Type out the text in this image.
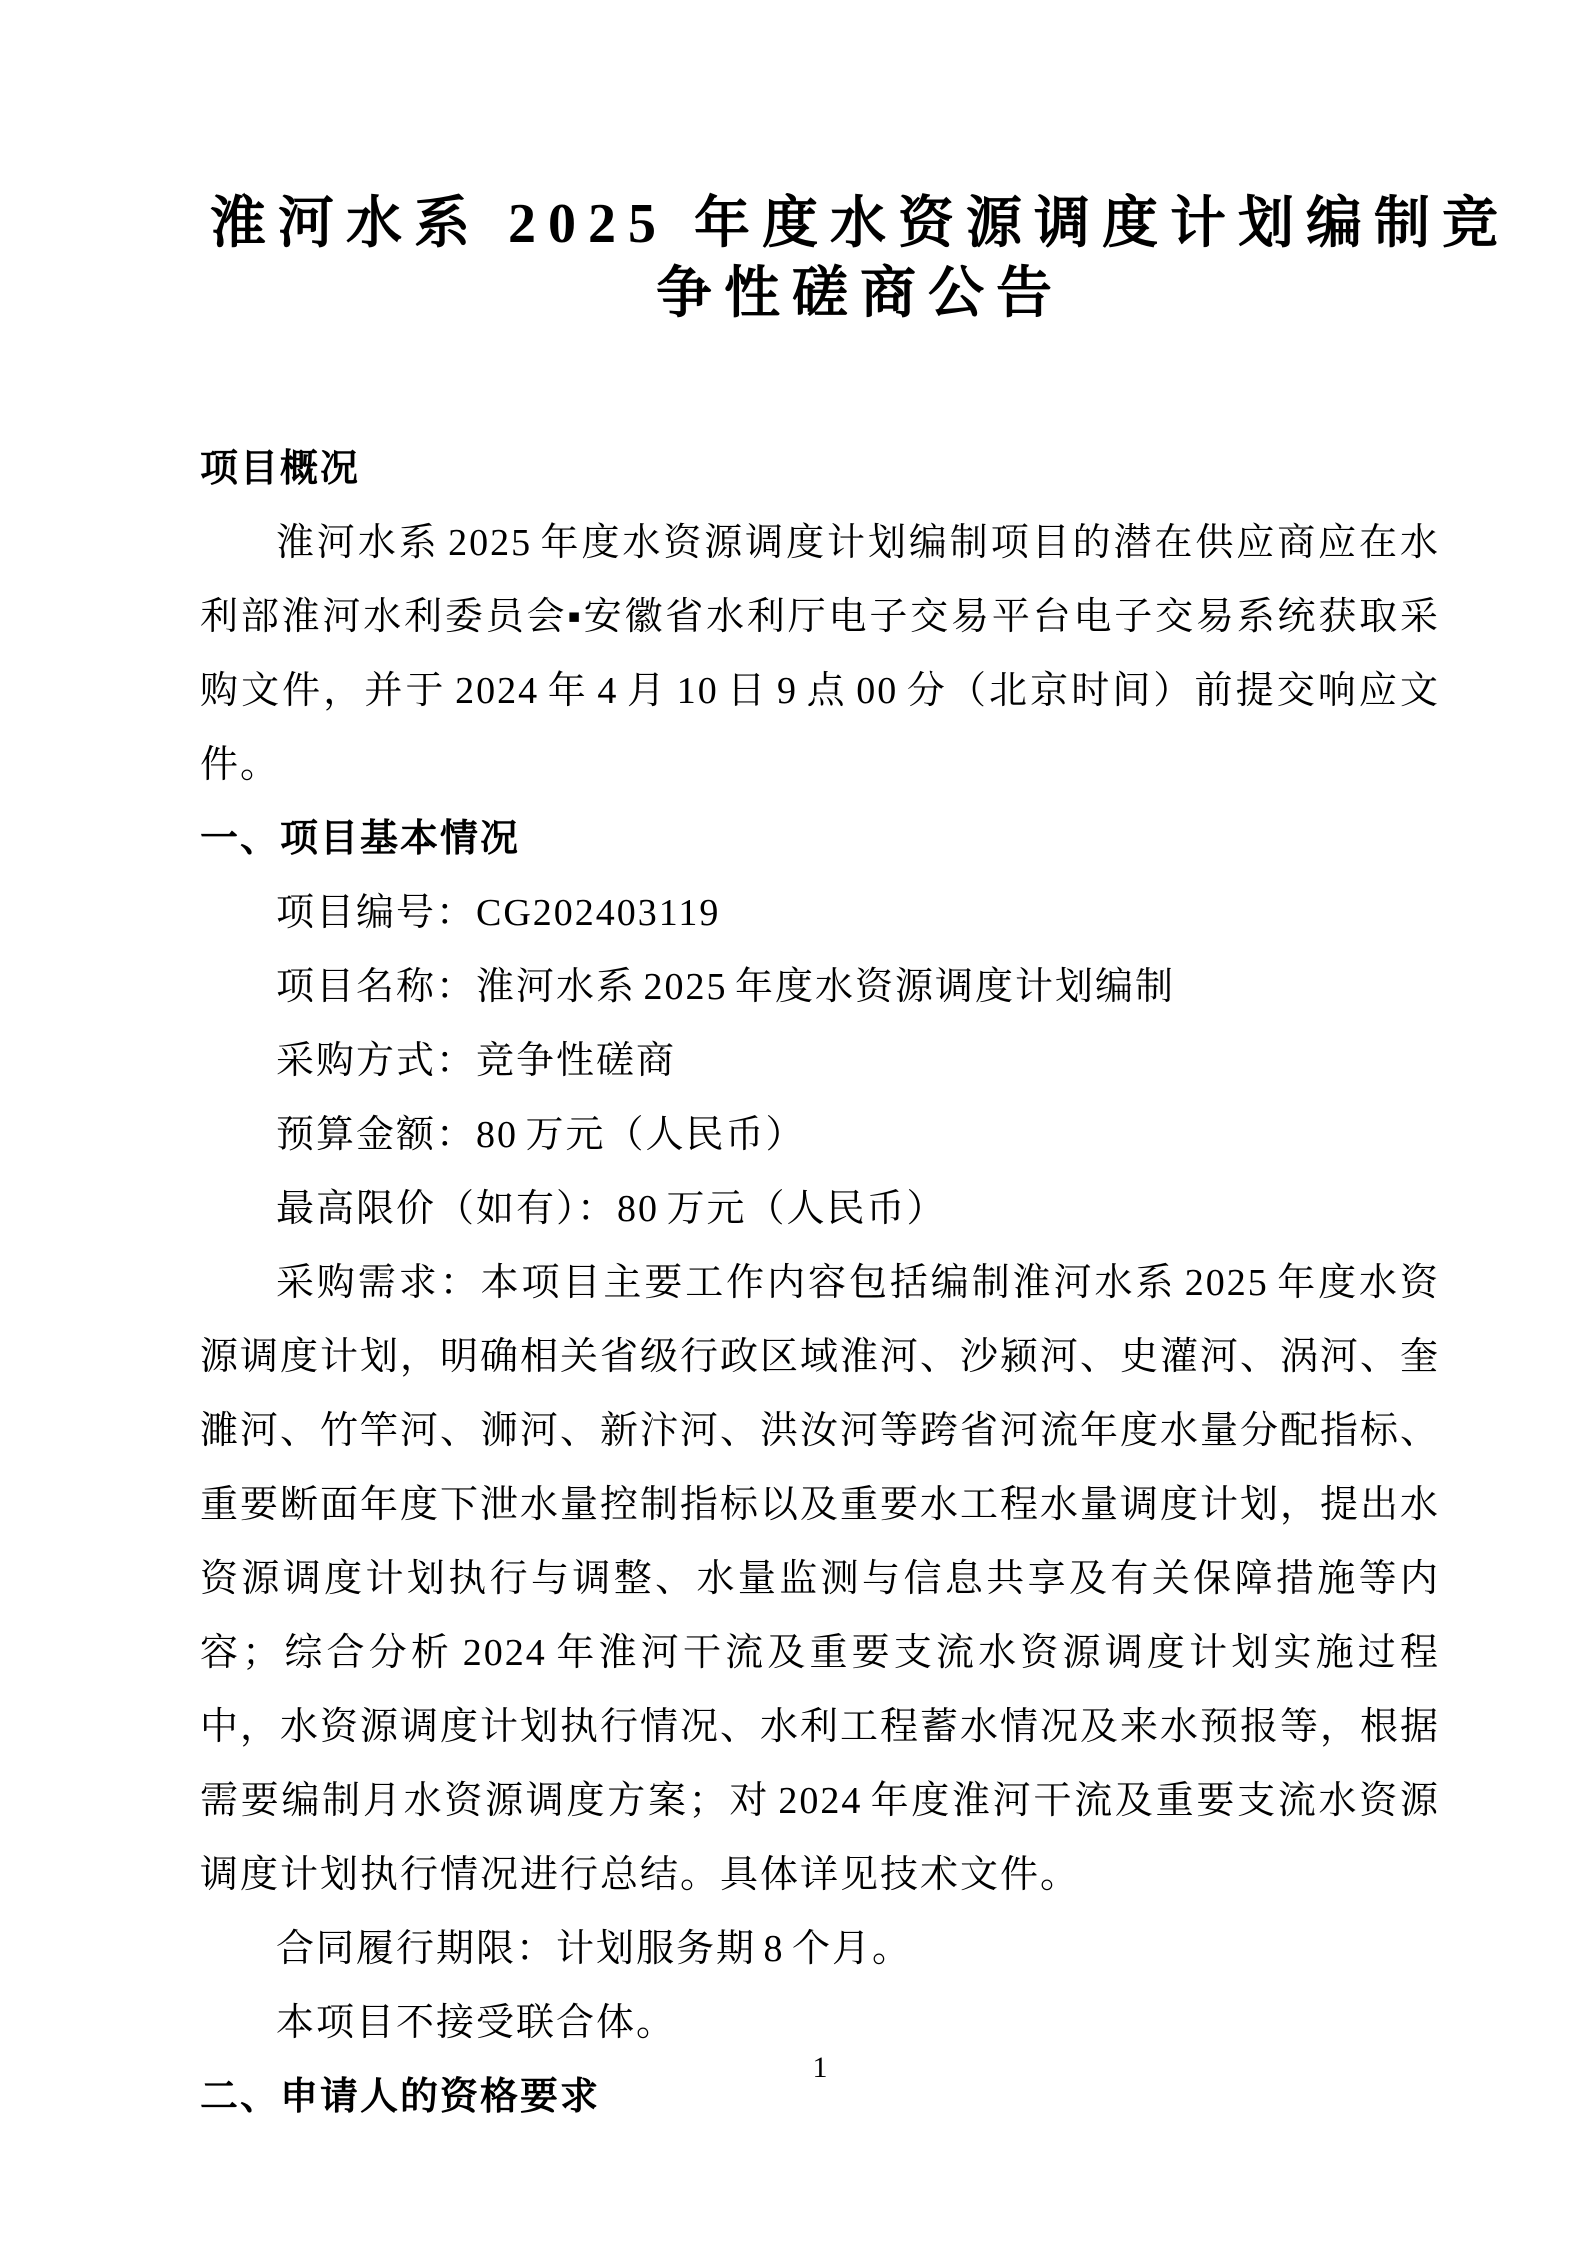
淮河水系 2025 年度水资源调度计划编制竞争性磋商公告
项目概况

淮河水系 2025 年度水资源调度计划编制项目的潜在供应商应在水利部淮河水利委员会▪安徽省水利厅电子交易平台电子交易系统获取采购文件，并于 2024 年 4 月 10 日 9 点 00 分（北京时间）前提交响应文件。

一、项目基本情况

项目编号：CG202403119

项目名称：淮河水系 2025 年度水资源调度计划编制

采购方式：竞争性磋商

预算金额：80 万元（人民币）

最高限价（如有）：80 万元（人民币）

采购需求：本项目主要工作内容包括编制淮河水系 2025 年度水资源调度计划，明确相关省级行政区域淮河、沙颍河、史灌河、涡河、奎濉河、竹竿河、浉河、新汴河、洪汝河等跨省河流年度水量分配指标、重要断面年度下泄水量控制指标以及重要水工程水量调度计划，提出水资源调度计划执行与调整、水量监测与信息共享及有关保障措施等内容；综合分析 2024 年淮河干流及重要支流水资源调度计划实施过程中，水资源调度计划执行情况、水利工程蓄水情况及来水预报等，根据需要编制月水资源调度方案；对 2024 年度淮河干流及重要支流水资源调度计划执行情况进行总结。具体详见技术文件。

合同履行期限：计划服务期 8 个月。

本项目不接受联合体。

二、申请人的资格要求
1
